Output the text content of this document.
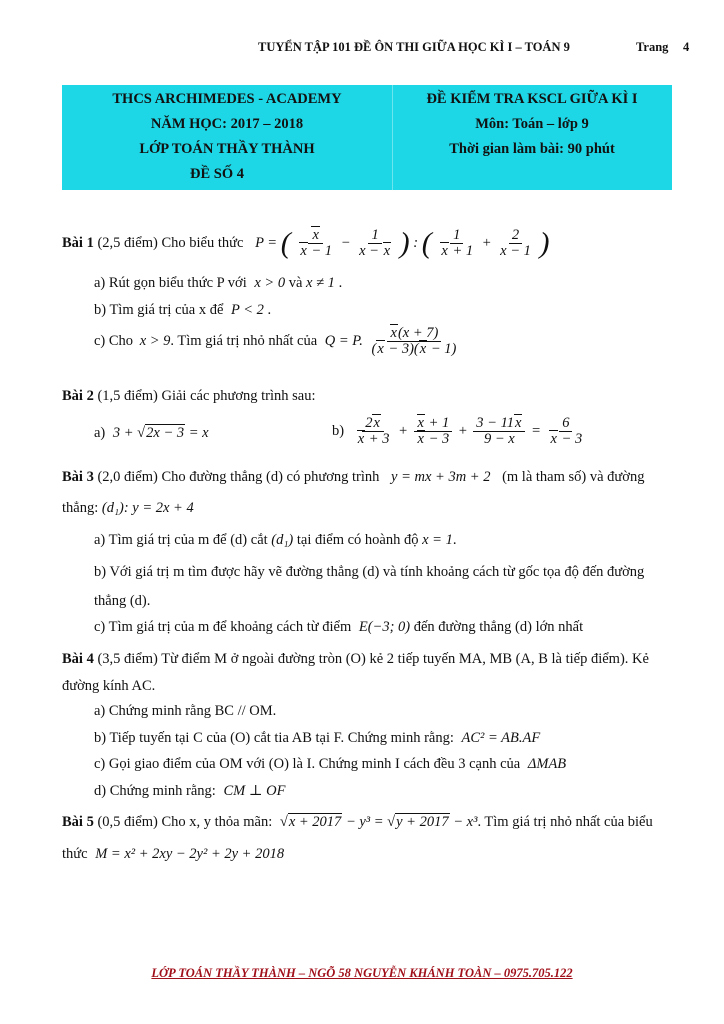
TUYỂN TẬP 101 ĐỀ ÔN THI GIỮA HỌC KÌ I – TOÁN 9	Trang 4
THCS ARCHIMEDES - ACADEMY
NĂM HỌC: 2017 – 2018
LỚP TOÁN THẦY THÀNH
ĐỀ SỐ 4
ĐỀ KIỂM TRA KSCL GIỮA KÌ I
Môn: Toán – lớp 9
Thời gian làm bài: 90 phút
Bài 1 (2,5 điểm) Cho biểu thức P = ( $\frac{x}{x - 1} - \frac{1}{x - x}$ ) : ( $\frac{1}{x + 1} + \frac{2}{x - 1}$ )
a) Rút gọn biểu thức P với x > 0 và x ≠ 1 .
b) Tìm giá trị của x để P < 2 .
c) Cho x > 9. Tìm giá trị nhỏ nhất của Q = P. $\frac{x(x + 7)}{(x - 3)(x - 1)}$
Bài 2 (1,5 điểm) Giải các phương trình sau:
a) 3 + √2x − 3 = x	$b) \frac{2x}{x + 3} + \frac{x + 1}{x - 3} + \frac{3 - 11x}{9 - x} = \frac{6}{x - 3}$
Bài 3 (2,0 điểm) Cho đường thẳng (d) có phương trình y = mx + 3m + 2 (m là tham số) và đường
thẳng: (d₁): y = 2x + 4
a) Tìm giá trị của m để (d) cắt (d₁) tại điểm có hoành độ x = 1.
b) Với giá trị m tìm được hãy vẽ đường thẳng (d) và tính khoảng cách từ gốc tọa độ đến đường
thẳng (d).
c) Tìm giá trị của m để khoảng cách từ điểm E(−3; 0) đến đường thẳng (d) lớn nhất
Bài 4 (3,5 điểm) Từ điểm M ở ngoài đường tròn (O) kẻ 2 tiếp tuyến MA, MB (A, B là tiếp điểm). Kẻ
đường kính AC.
a) Chứng minh rằng BC // OM.
b) Tiếp tuyến tại C của (O) cắt tia AB tại F. Chứng minh rằng: AC² = AB.AF
c) Gọi giao điểm của OM với (O) là I. Chứng minh I cách đều 3 cạnh của ΔMAB
d) Chứng minh rằng: CM ⊥ OF
Bài 5 (0,5 điểm) Cho x, y thỏa mãn: √x + 2017 − y³ = √y + 2017 − x³. Tìm giá trị nhỏ nhất của biểu
thức M = x² + 2xy − 2y² + 2y + 2018
LỚP TOÁN THẦY THÀNH – NGÕ 58 NGUYỄN KHÁNH TOÀN – 0975.705.122
